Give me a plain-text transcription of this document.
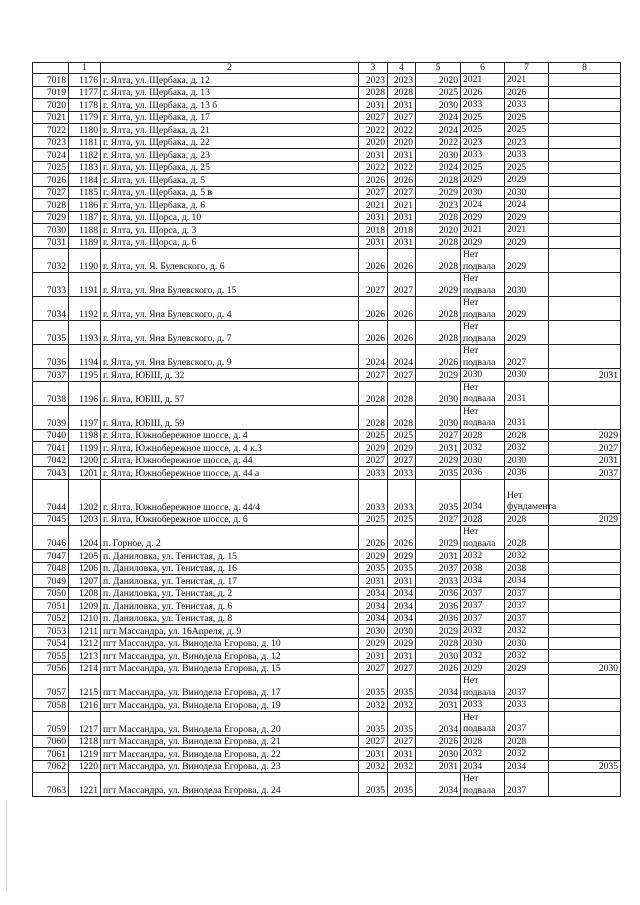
	1	2	3	4	5	6	7	8
7018	1176	г. Ялта, ул. Щербака, д. 12	2023	2023	2020	2021	2021	
7019	1177	г. Ялта, ул. Щербака, д. 13	2028	2028	2025	2026	2026	
7020	1178	г. Ялта, ул. Щербака, д. 13 б	2031	2031	2030	2033	2033	
7021	1179	г. Ялта, ул. Щербака, д. 17	2027	2027	2024	2025	2025	
7022	1180	г. Ялта, ул. Щербака, д. 21	2022	2022	2024	2025	2025	
7023	1181	г. Ялта, ул. Щербака, д. 22	2020	2020	2022	2023	2023	
7024	1182	г. Ялта, ул. Щербака, д. 23	2031	2031	2030	2033	2033	
7025	1183	г. Ялта, ул. Щербака, д. 25	2022	2022	2024	2025	2025	
7026	1184	г. Ялта, ул. Щербака, д. 5	2026	2026	2028	2029	2029	
7027	1185	г. Ялта, ул. Щербака, д. 5 в	2027	2027	2029	2030	2030	
7028	1186	г. Ялта, ул. Щербака, д. 6	2021	2021	2023	2024	2024	
7029	1187	г. Ялта, ул. Щорса, д. 10	2031	2031	2028	2029	2029	
7030	1188	г. Ялта, ул. Щорса, д. 3	2018	2018	2020	2021	2021	
7031	1189	г. Ялта, ул. Щорса, д. 6	2031	2031	2028	2029	2029	
7032	1190	г. Ялта, ул. Я. Булевского, д. 6	2026	2026	2028	Нет подвала	2029	
7033	1191	г. Ялта, ул. Яна Булевского, д. 15	2027	2027	2029	Нет подвала	2030	
7034	1192	г. Ялта, ул. Яна Булевского, д. 4	2026	2026	2028	Нет подвала	2029	
7035	1193	г. Ялта, ул. Яна Булевского, д. 7	2026	2026	2028	Нет подвала	2029	
7036	1194	г. Ялта, ул. Яна Булевского, д. 9	2024	2024	2026	Нет подвала	2027	
7037	1195	г. Ялта, ЮБШ, д. 32	2027	2027	2029	2030	2030	2031
7038	1196	г. Ялта, ЮБШ, д. 57	2028	2028	2030	Нет подвала	2031	
7039	1197	г. Ялта, ЮБШ, д. 59	2028	2028	2030	Нет подвала	2031	
7040	1198	г. Ялта, Южнобережное шоссе, д. 4	2025	2025	2027	2028	2028	2029
7041	1199	г. Ялта, Южнобережное шоссе, д. 4 к.3	2029	2029	2031	2032	2032	2027
7042	1200	г. Ялта, Южнобережное шоссе, д. 44	2027	2027	2029	2030	2030	2031
7043	1201	г. Ялта, Южнобережное шоссе, д. 44 а	2033	2033	2035	2036	2036	2037
7044	1202	г. Ялта, Южнобережное шоссе, д. 44/4	2033	2033	2035	2034	Нет фундамента	
7045	1203	г. Ялта, Южнобережное шоссе, д. 6	2025	2025	2027	2028	2028	2029
7046	1204	п. Горное, д. 2	2026	2026	2029	Нет подвала	2028	
7047	1205	п. Даниловка, ул. Тенистая, д. 15	2029	2029	2031	2032	2032	
7048	1206	п. Даниловка, ул. Тенистая, д. 16	2035	2035	2037	2038	2038	
7049	1207	п. Даниловка, ул. Тенистая, д. 17	2031	2031	2033	2034	2034	
7050	1208	п. Даниловка, ул. Тенистая, д. 2	2034	2034	2036	2037	2037	
7051	1209	п. Даниловка, ул. Тенистая, д. 6	2034	2034	2036	2037	2037	
7052	1210	п. Даниловка, ул. Тенистая, д. 8	2034	2034	2036	2037	2037	
7053	1211	пгт Массандра, ул. 16Апреля, д. 9	2030	2030	2029	2032	2032	
7054	1212	пгт Массандра, ул. Винодела Егорова, д. 10	2029	2029	2028	2030	2030	
7055	1213	пгт Массандра, ул. Винодела Егорова, д. 12	2031	2031	2030	2032	2032	
7056	1214	пгт Массандра, ул. Винодела Егорова, д. 15	2027	2027	2026	2029	2029	2030
7057	1215	пгт Массандра, ул. Винодела Егорова, д. 17	2035	2035	2034	Нет подвала	2037	
7058	1216	пгт Массандра, ул. Винодела Егорова, д. 19	2032	2032	2031	2033	2033	
7059	1217	пгт Массандра, ул. Винодела Егорова, д. 20	2035	2035	2034	Нет подвала	2037	
7060	1218	пгт Массандра, ул. Винодела Егорова, д. 21	2027	2027	2026	2028	2028	
7061	1219	пгт Массандра, ул. Винодела Егорова, д. 22	2031	2031	2030	2032	2032	
7062	1220	пгт Массандра, ул. Винодела Егорова, д. 23	2032	2032	2031	2034	2034	2035
7063	1221	пгт Массандра, ул. Винодела Егорова, д. 24	2035	2035	2034	Нет подвала	2037	
